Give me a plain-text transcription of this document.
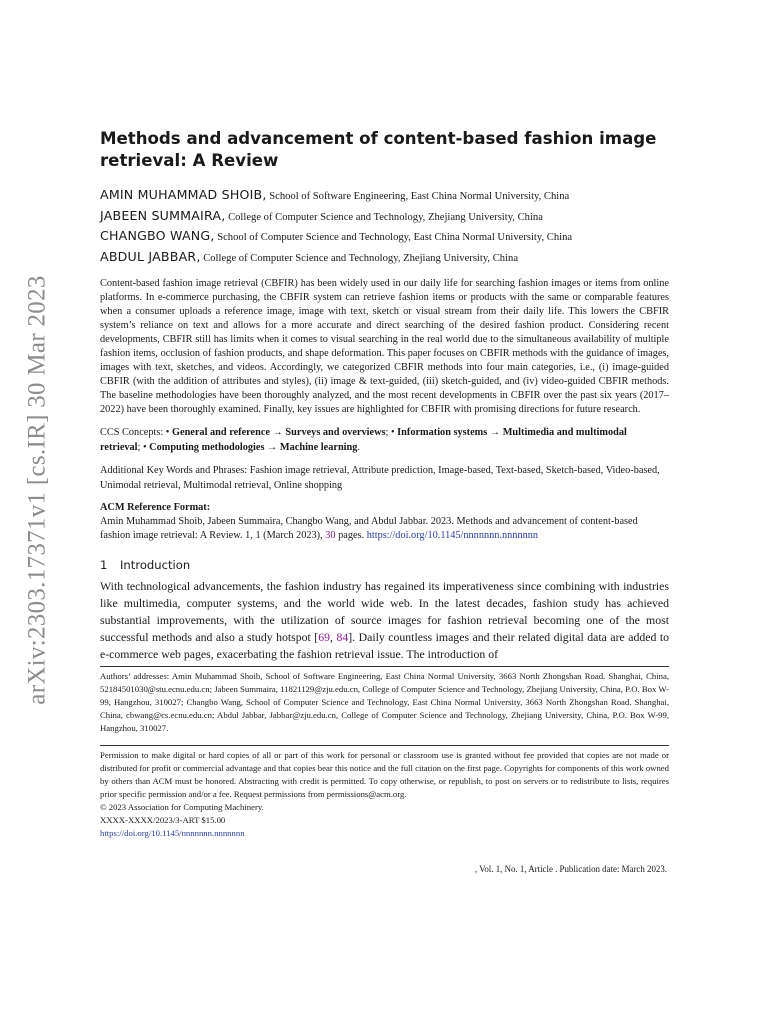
arXiv:2303.17371v1 [cs.IR] 30 Mar 2023
Methods and advancement of content-based fashion image retrieval: A Review
AMIN MUHAMMAD SHOIB, School of Software Engineering, East China Normal University, China
JABEEN SUMMAIRA, College of Computer Science and Technology, Zhejiang University, China
CHANGBO WANG, School of Computer Science and Technology, East China Normal University, China
ABDUL JABBAR, College of Computer Science and Technology, Zhejiang University, China
Content-based fashion image retrieval (CBFIR) has been widely used in our daily life for searching fashion images or items from online platforms. In e-commerce purchasing, the CBFIR system can retrieve fashion items or products with the same or comparable features when a consumer uploads a reference image, image with text, sketch or visual stream from their daily life. This lowers the CBFIR system’s reliance on text and allows for a more accurate and direct searching of the desired fashion product. Considering recent developments, CBFIR still has limits when it comes to visual searching in the real world due to the simultaneous availability of multiple fashion items, occlusion of fashion products, and shape deformation. This paper focuses on CBFIR methods with the guidance of images, images with text, sketches, and videos. Accordingly, we categorized CBFIR methods into four main categories, i.e., (i) image-guided CBFIR (with the addition of attributes and styles), (ii) image & text-guided, (iii) sketch-guided, and (iv) video-guided CBFIR methods. The baseline methodologies have been thoroughly analyzed, and the most recent developments in CBFIR over the past six years (2017–2022) have been thoroughly examined. Finally, key issues are highlighted for CBFIR with promising directions for future research.
CCS Concepts: • General and reference → Surveys and overviews; • Information systems → Multimedia and multimodal retrieval; • Computing methodologies → Machine learning.
Additional Key Words and Phrases: Fashion image retrieval, Attribute prediction, Image-based, Text-based, Sketch-based, Video-based, Unimodal retrieval, Multimodal retrieval, Online shopping
ACM Reference Format:
Amin Muhammad Shoib, Jabeen Summaira, Changbo Wang, and Abdul Jabbar. 2023. Methods and advancement of content-based fashion image retrieval: A Review. 1, 1 (March 2023), 30 pages. https://doi.org/10.1145/nnnnnnn.nnnnnnn
1 Introduction
With technological advancements, the fashion industry has regained its imperativeness since combining with industries like multimedia, computer systems, and the world wide web. In the latest decades, fashion study has achieved substantial improvements, with the utilization of source images for fashion retrieval becoming one of the most successful methods and also a study hotspot [69, 84]. Daily countless images and their related digital data are added to e-commerce web pages, exacerbating the fashion retrieval issue. The introduction of
Authors’ addresses: Amin Muhammad Shoib, School of Software Engineering, East China Normal University, 3663 North Zhongshan Road. Shanghai, China, 52184501030@stu.ecnu.edu.cn; Jabeen Summaira, 11821129@zju.edu.cn, College of Computer Science and Technology, Zhejiang University, China, P.O. Box W-99, Hangzhou, 310027; Changbo Wang, School of Computer Science and Technology, East China Normal University, 3663 North Zhongshan Road. Shanghai, China, cbwang@cs.ecnu.edu.cn; Abdul Jabbar, Jabbar@zju.edu.cn, College of Computer Science and Technology, Zhejiang University, China, P.O. Box W-99, Hangzhou, 310027.
Permission to make digital or hard copies of all or part of this work for personal or classroom use is granted without fee provided that copies are not made or distributed for profit or commercial advantage and that copies bear this notice and the full citation on the first page. Copyrights for components of this work owned by others than ACM must be honored. Abstracting with credit is permitted. To copy otherwise, or republish, to post on servers or to redistribute to lists, requires prior specific permission and/or a fee. Request permissions from permissions@acm.org.
© 2023 Association for Computing Machinery.
XXXX-XXXX/2023/3-ART $15.00
https://doi.org/10.1145/nnnnnnn.nnnnnnn
, Vol. 1, No. 1, Article . Publication date: March 2023.
